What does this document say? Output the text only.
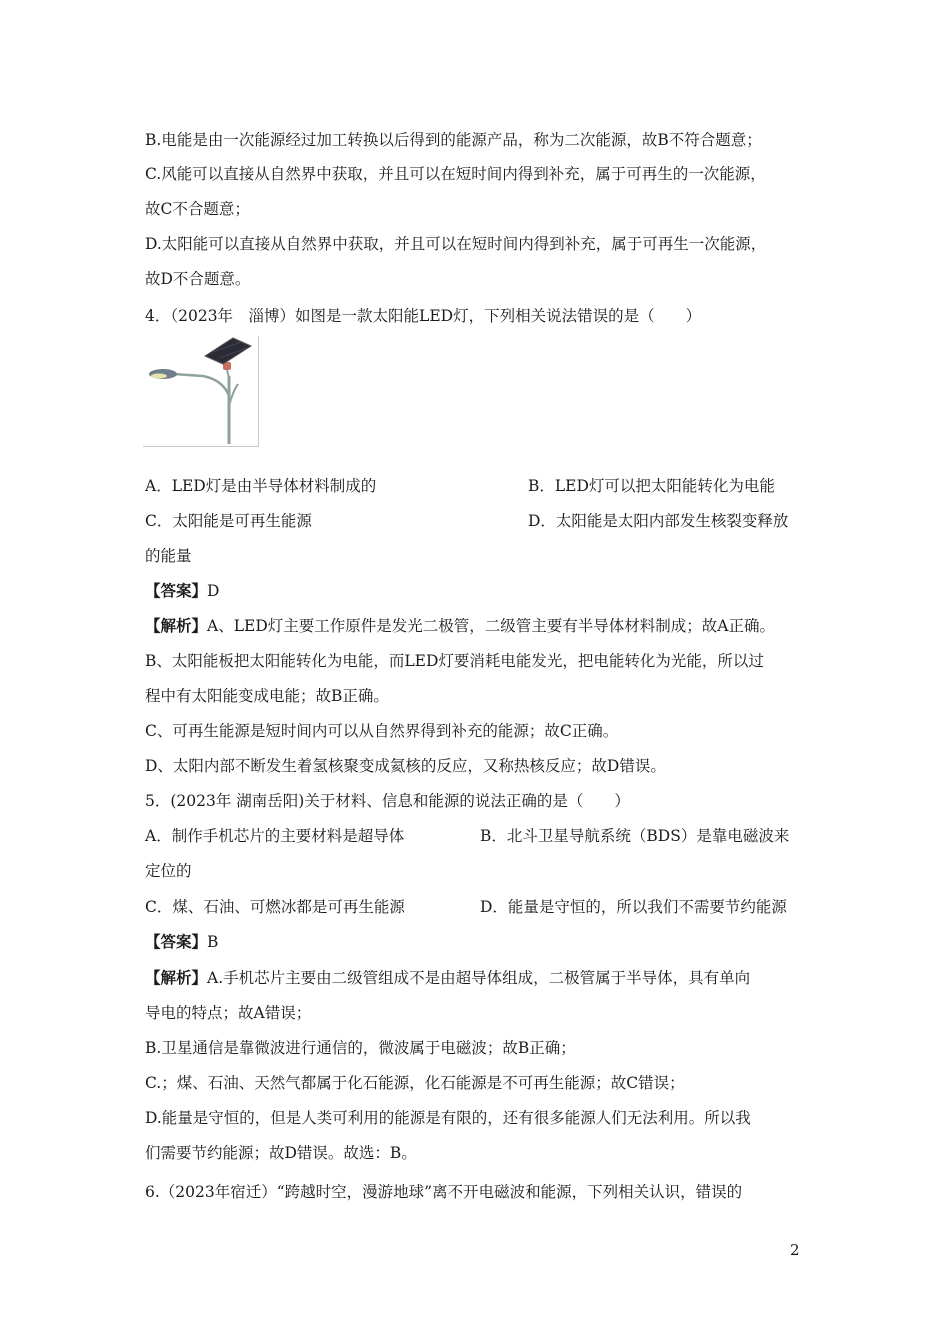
B.电能是由一次能源经过加工转换以后得到的能源产品，称为二次能源，故B不符合题意；
C.风能可以直接从自然界中获取，并且可以在短时间内得到补充，属于可再生的一次能源，
故C不合题意；
D.太阳能可以直接从自然界中获取，并且可以在短时间内得到补充，属于可再生一次能源，
故D不合题意。
4．（2023年　淄博）如图是一款太阳能LED灯，下列相关说法错误的是（　　）
A．LED灯是由半导体材料制成的	B．LED灯可以把太阳能转化为电能
C．太阳能是可再生能源	D．太阳能是太阳内部发生核裂变释放
的能量
【答案】D
【解析】A、LED灯主要工作原件是发光二极管，二级管主要有半导体材料制成；故A正确。
B、太阳能板把太阳能转化为电能，而LED灯要消耗电能发光，把电能转化为光能，所以过
程中有太阳能变成电能；故B正确。
C、可再生能源是短时间内可以从自然界得到补充的能源；故C正确。
D、太阳内部不断发生着氢核聚变成氦核的反应，又称热核反应；故D错误。
5．(2023年 湖南岳阳)关于材料、信息和能源的说法正确的是（　　）
A．制作手机芯片的主要材料是超导体	B．北斗卫星导航系统（BDS）是靠电磁波来
定位的
C．煤、石油、可燃冰都是可再生能源	D．能量是守恒的，所以我们不需要节约能源
【答案】B
【解析】A.手机芯片主要由二级管组成不是由超导体组成，二极管属于半导体，具有单向
导电的特点；故A错误；
B.卫星通信是靠微波进行通信的，微波属于电磁波；故B正确；
C.；煤、石油、天然气都属于化石能源，化石能源是不可再生能源；故C错误；
D.能量是守恒的，但是人类可利用的能源是有限的，还有很多能源人们无法利用。所以我
们需要节约能源；故D错误。故选：B。
6.（2023年宿迁）“跨越时空，漫游地球”离不开电磁波和能源，下列相关认识，错误的
2
